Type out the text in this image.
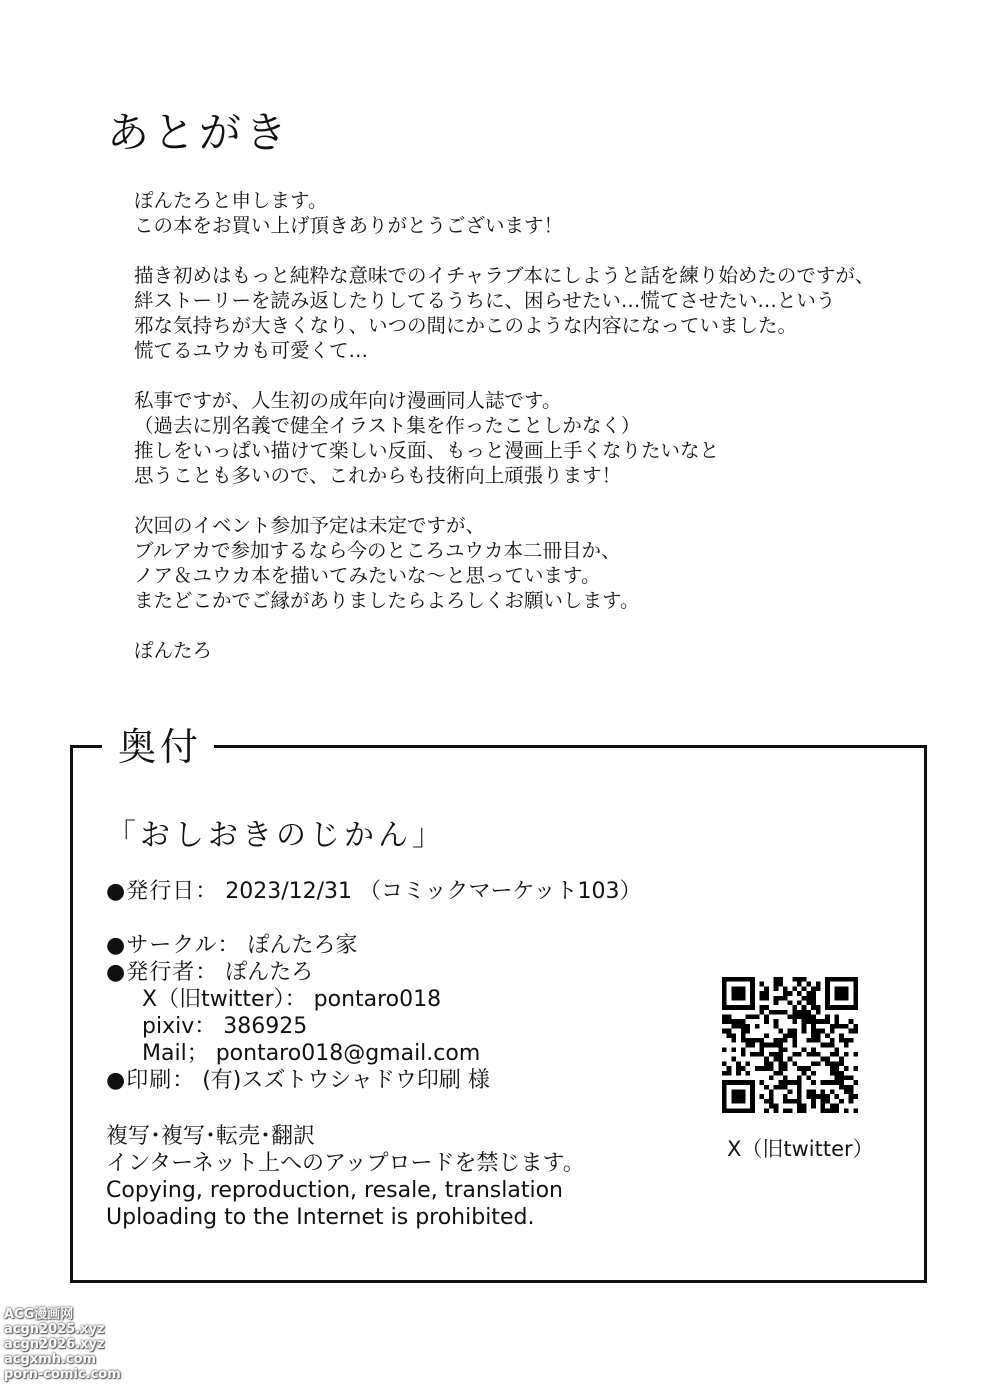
あとがき

ぽんたろと申します。
この本をお買い上げ頂きありがとうございます！

描き初めはもっと純粋な意味でのイチャラブ本にしようと話を練り始めたのですが、
絆ストーリーを読み返したりしてるうちに、困らせたい…慌てさせたい…という
邪な気持ちが大きくなり、いつの間にかこのような内容になっていました。
慌てるユウカも可愛くて…

私事ですが、人生初の成年向け漫画同人誌です。
（過去に別名義で健全イラスト集を作ったことしかなく）
推しをいっぱい描けて楽しい反面、もっと漫画上手くなりたいなと
思うことも多いので、これからも技術向上頑張ります！

次回のイベント参加予定は未定ですが、
ブルアカで参加するなら今のところユウカ本二冊目か、
ノア＆ユウカ本を描いてみたいな～と思っています。
またどこかでご縁がありましたらよろしくお願いします。

ぽんたろ
奥付
「おしおきのじかん」
●発行日： 2023/12/31 （コミックマーケット103）
●サークル： ぽんたろ家
●発行者： ぽんたろ
X（旧twitter）： pontaro018
pixiv： 386925
Mail； pontaro018@gmail.com
●印刷： (有)スズトウシャドウ印刷 様
複写･複写･転売･翻訳
インターネット上へのアップロードを禁じます。
Copying, reproduction, resale, translation
Uploading to the Internet is prohibited.
X（旧twitter）
ACG漫画网
acgn2025.xyz
acgn2026.xyz
acgxmh.com
porn-comic.com
